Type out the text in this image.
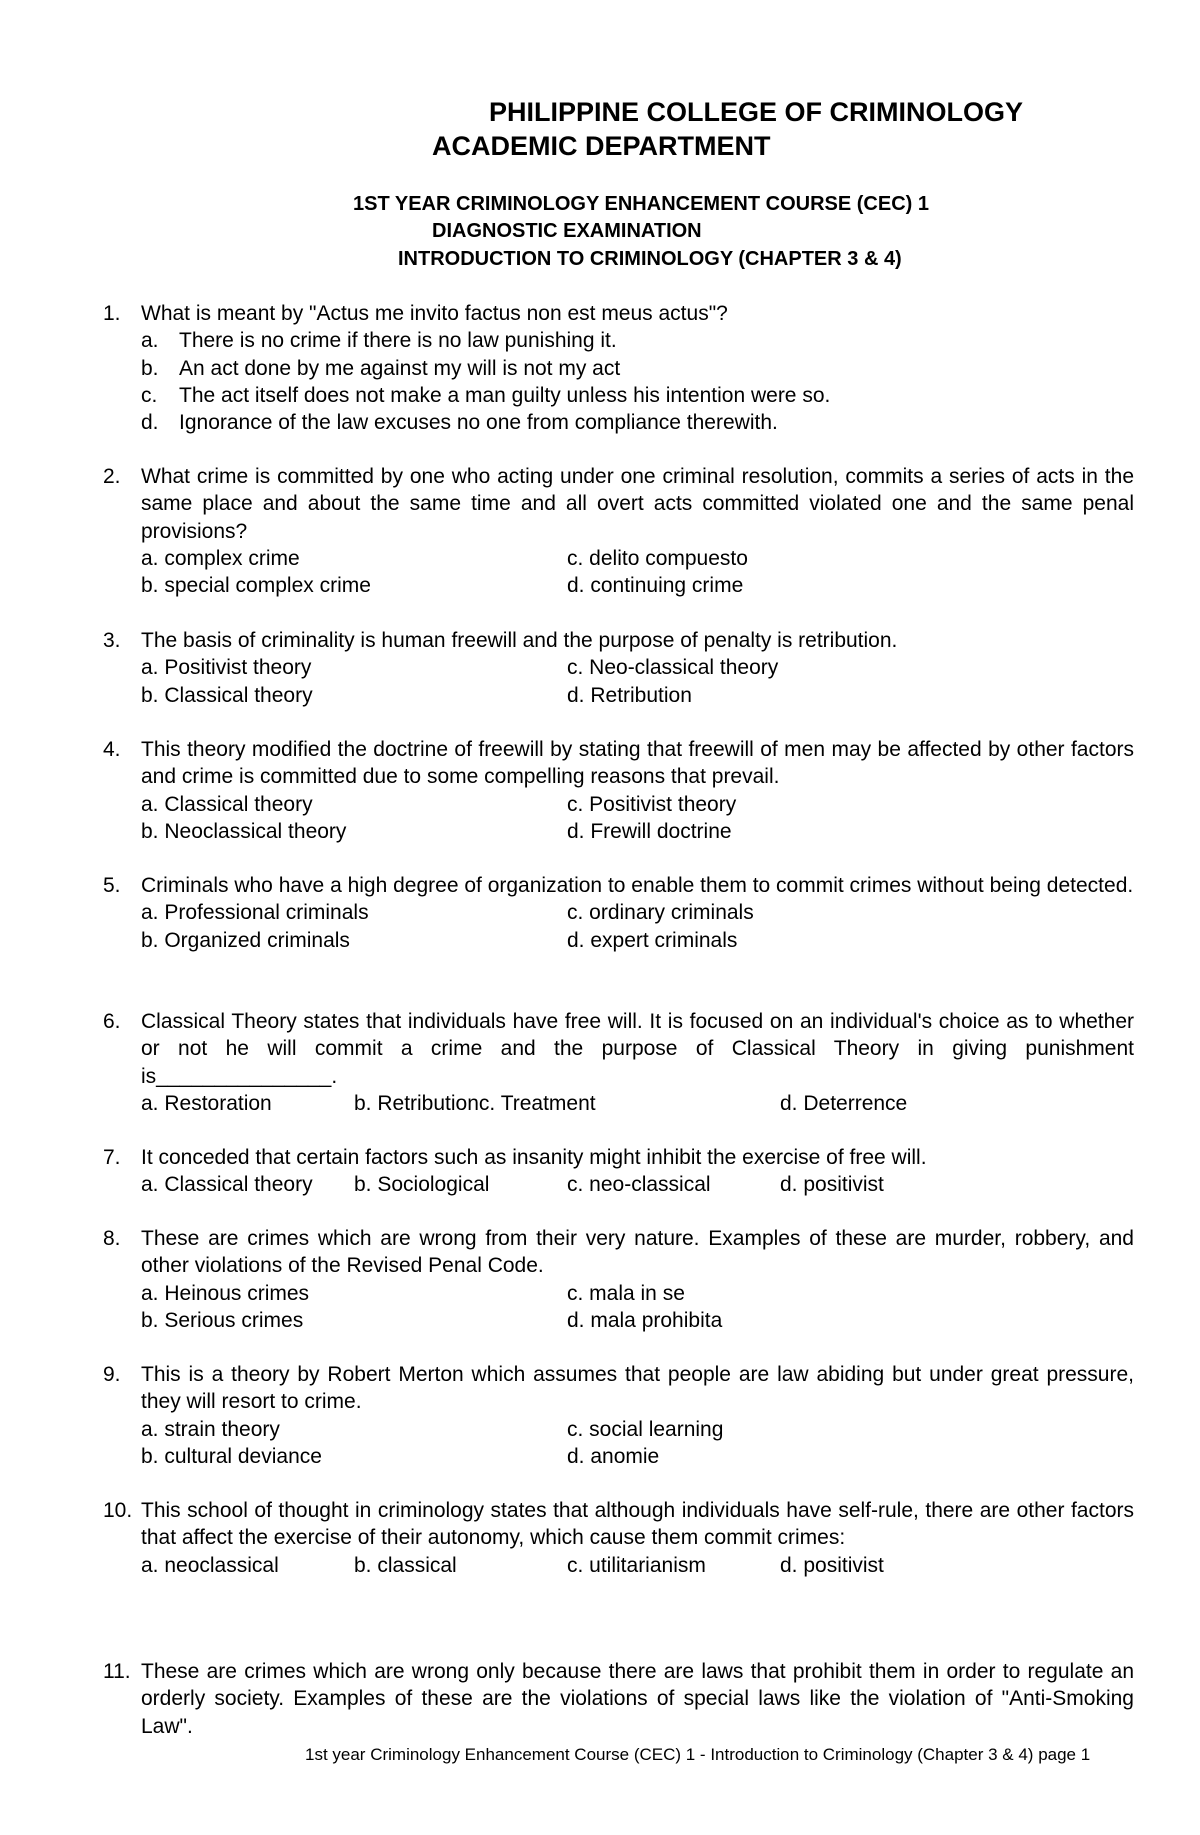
PHILIPPINE COLLEGE OF CRIMINOLOGY
ACADEMIC DEPARTMENT
1ST YEAR CRIMINOLOGY ENHANCEMENT COURSE (CEC) 1
DIAGNOSTIC EXAMINATION
INTRODUCTION TO CRIMINOLOGY (CHAPTER 3 & 4)
1. What is meant by "Actus me invito factus non est meus actus"?
a. There is no crime if there is no law punishing it.
b. An act done by me against my will is not my act
c.	The act itself does not make a man guilty unless his intention were so.
d. Ignorance of the law excuses no one from compliance therewith.
2. What crime is committed by one who acting under one criminal resolution, commits a series of acts in the same place and about the same time and all overt acts committed violated one and the same penal provisions?
a. complex crime	c. delito compuesto
b. special complex crime	d. continuing crime
3. The basis of criminality is human freewill and the purpose of penalty is retribution.
a. Positivist theory	c. Neo-classical theory
b. Classical theory	d. Retribution
4. This theory modified the doctrine of freewill by stating that freewill of men may be affected by other factors and crime is committed due to some compelling reasons that prevail.
a. Classical theory	c. Positivist theory
b. Neoclassical theory	d. Frewill doctrine
5. Criminals who have a high degree of organization to enable them to commit crimes without being detected.
a. Professional criminals	c. ordinary criminals
b. Organized criminals	d. expert criminals
6. Classical Theory states that individuals have free will. It is focused on an individual's choice as to whether or not he will commit a crime and the purpose of Classical Theory in giving punishment is_______________.
a. Restoration	b. Retributionc. Treatment	d. Deterrence
7. It conceded that certain factors such as insanity might inhibit the exercise of free will.
a. Classical theory	b. Sociological	c. neo-classical	d. positivist
8. These are crimes which are wrong from their very nature. Examples of these are murder, robbery, and other violations of the Revised Penal Code.
a. Heinous crimes	c. mala in se
b. Serious crimes	d. mala prohibita
9. This is a theory by Robert Merton which assumes that people are law abiding but under great pressure, they will resort to crime.
a. strain theory	c. social learning
b. cultural deviance	d. anomie
10. This school of thought in criminology states that although individuals have self-rule, there are other factors that affect the exercise of their autonomy, which cause them commit crimes:
a. neoclassical	b. classical	c. utilitarianism	d. positivist
11. These are crimes which are wrong only because there are laws that prohibit them in order to regulate an orderly society. Examples of these are the violations of special laws like the violation of "Anti-Smoking Law".
1st year Criminology Enhancement Course (CEC) 1 - Introduction to Criminology (Chapter 3 & 4) page 1
